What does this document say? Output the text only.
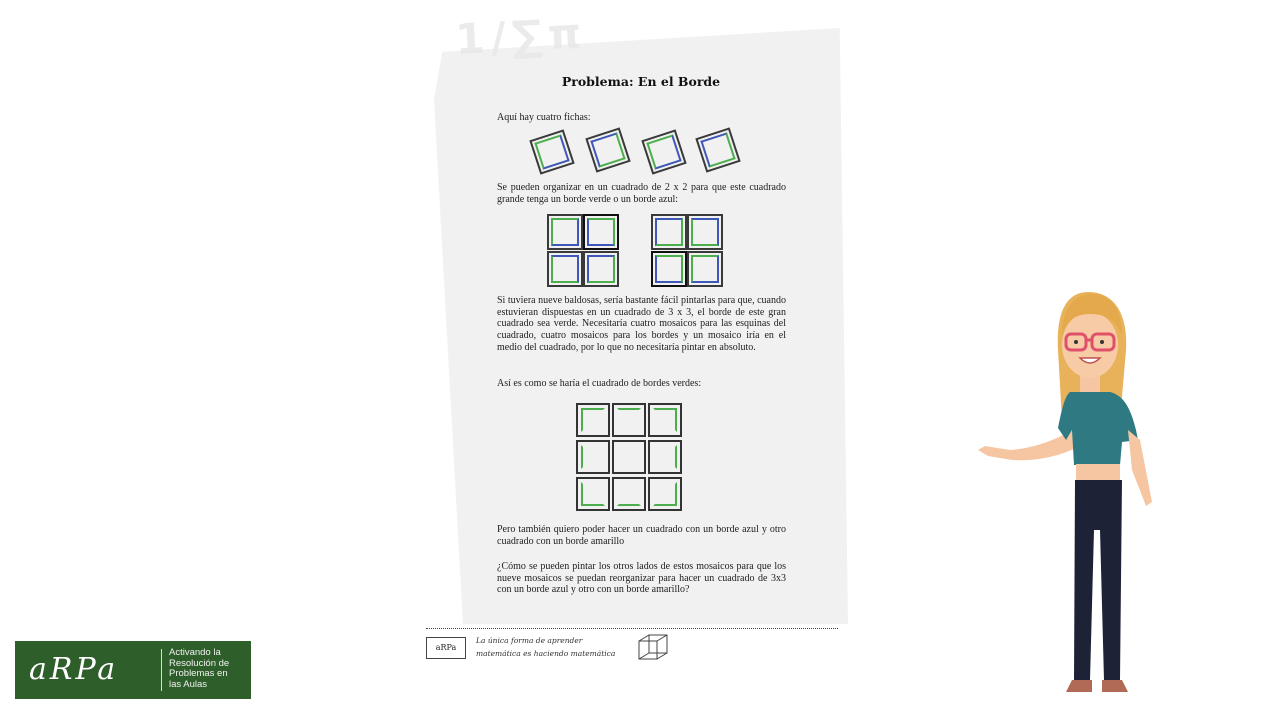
1/∑π
Problema: En el Borde
Aquí hay cuatro fichas:
Se pueden organizar en un cuadrado de 2 x 2 para que este cuadrado grande tenga un borde verde o un borde azul:
Si tuviera nueve baldosas, sería bastante fácil pintarlas para que, cuando estuvieran dispuestas en un cuadrado de 3 x 3, el borde de este gran cuadrado sea verde. Necesitaría cuatro mosaicos para las esquinas del cuadrado, cuatro mosaicos para los bordes y un mosaico iría en el medio del cuadrado, por lo que no necesitaría pintar en absoluto.
Así es como se haría el cuadrado de bordes verdes:
Pero también quiero poder hacer un cuadrado con un borde azul y otro cuadrado con un borde amarillo
¿Cómo se pueden pintar los otros lados de estos mosaicos para que los nueve mosaicos se puedan reorganizar para hacer un cuadrado de 3x3 con un borde azul y otro con un borde amarillo?
aRPa
La única forma de aprender
matemática es haciendo matemática
aRPa	Activando la
Resolución de
Problemas en
las Aulas
